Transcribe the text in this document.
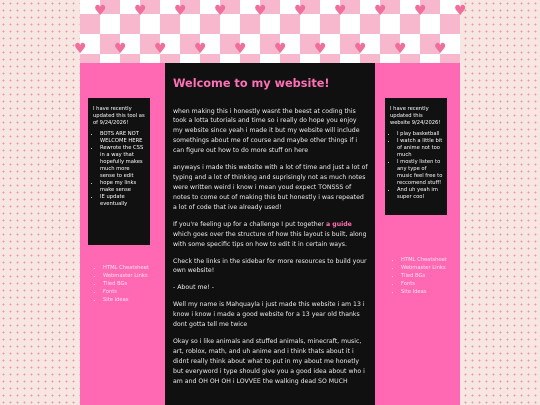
♥ ♥ ♥ ♥ ♥ ♥ ♥ ♥ ♥ ♥
♥ ♥ ♥ ♥ ♥ ♥ ♥ ♥ ♥ ♥
I have recently updated this tool as of 9/24/2026!
• BOTS ARE NOT WELCOME HERE
• Rewrote the CSS in a way that hopefully makes much more sense to edit
• hope my links make sense
• IE update eventually
• HTML Cheatsheet
• Webmaster Links
• Tiled BGs
• Fonts
• Site Ideas
Welcome to my website!

when making this i honestly wasnt the beest at coding this took a lotta tutorials and time so i really do hope you enjoy my website since yeah i made it but my website will include somethings about me of course and maybe other things if i can figure out how to do more stuff on here

anyways i made this website with a lot of time and just a lot of typing and a lot of thinking and suprisingly not as much notes were written weird i know i mean youd expect TONSSS of notes to come out of making this but honestly i was repeated a lot of code that ive already used!

If you're feeling up for a challenge I put together a guide which goes over the structure of how this layout is built, along with some specific tips on how to edit it in certain ways.

Check the links in the sidebar for more resources to build your own website!

- About me! -

Well my name is Mahquayla i just made this website i am 13 i know i know i made a good website for a 13 year old thanks dont gotta tell me twice

Okay so i like animals and stuffed animals, minecraft, music, art, roblox, math, and uh anime and i think thats about it i didnt really think about what to put in my about me honetly but everyword i type should give you a good idea about who i am and OH OH OH i LOVVEE the walking dead SO MUCH

I have recently updated this website 9/24/2026!
• I play basketball
• I watch a little bit of anime not too much
• I mostly listen to any type of music feel free to reccomend stuff!
• And uh yeah im super cool
• HTML Cheatsheet
• Webmaster Links
• Tiled BGs
• Fonts
• Site Ideas
